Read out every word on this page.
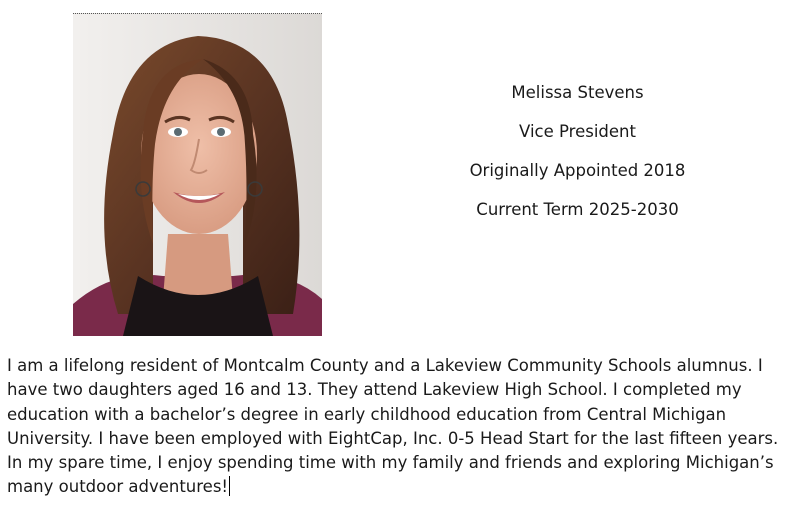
Melissa Stevens
Vice President
Originally Appointed 2018
Current Term 2025-2030
I am a lifelong resident of Montcalm County and a Lakeview Community Schools alumnus. I
have two daughters aged 16 and 13. They attend Lakeview High School. I completed my
education with a bachelor’s degree in early childhood education from Central Michigan
University. I have been employed with EightCap, Inc. 0-5 Head Start for the last fifteen years.
In my spare time, I enjoy spending time with my family and friends and exploring Michigan’s
many outdoor adventures!
